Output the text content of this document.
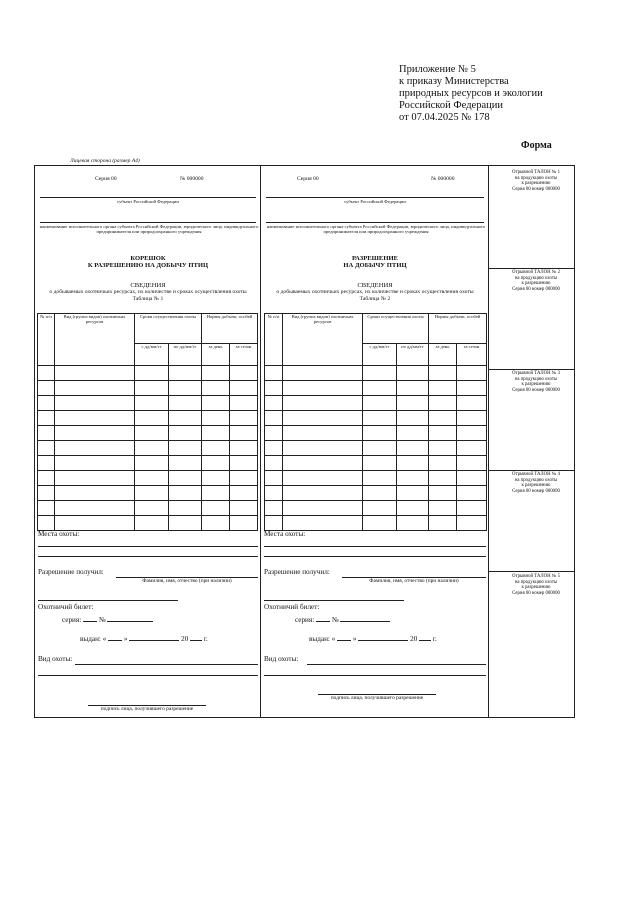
Приложение № 5
к приказу Министерства
природных ресурсов и экологии
Российской Федерации
от 07.04.2025 № 178
Форма
Лицевая сторона (размер А4)
Серия 00	№ 000000
субъект Российской Федерации
наименование исполнительного органа субъекта Российской Федерации, юридического лица, индивидуального предпринимателя или природоохранного учреждения
КОРЕШОК
К РАЗРЕШЕНИЮ НА ДОБЫЧУ ПТИЦ
СВЕДЕНИЯ
о добываемых охотничьих ресурсах, их количестве и сроках осуществления охоты
Таблица № 1
№ п/п	Вид (группа видов) охотничьих ресурсов	Сроки осуществления охоты		Нормы добычи, особей	
		с дд/мм/гг	по дд/мм/гг	за день	за сезон

Места охоты:
Разрешение получил:
Фамилия, имя, отчество (при наличии)
Охотничий билет:
серия: №
выдан: « »	20 г.
Вид охоты:
подпись лица, получившего разрешение
Серия 00	№ 000000
субъект Российской Федерации
наименование исполнительного органа субъекта Российской Федерации, юридического лица, индивидуального предпринимателя или природоохранного учреждения
РАЗРЕШЕНИЕ
НА ДОБЫЧУ ПТИЦ
СВЕДЕНИЯ
о добываемых охотничьих ресурсах, их количестве и сроках осуществления охоты
Таблица № 2
№ п/п	Вид (группа видов) охотничьих ресурсов	Сроки осуществления охоты		Нормы добычи, особей	
		с дд/мм/гг	по дд/мм/гг	за день	за сезон

Места охоты:
Разрешение получил:
Фамилия, имя, отчество (при наличии)
Охотничий билет:
серия: №
выдан: « »	20 г.
Вид охоты:
подпись лица, получившего разрешение
Отрывной ТАЛОН № 1
на продукцию охоты
к разрешению
Серия 00 номер 000000
Отрывной ТАЛОН № 2
на продукцию охоты
к разрешению
Серия 00 номер 000000
Отрывной ТАЛОН № 3
на продукцию охоты
к разрешению
Серия 00 номер 000000
Отрывной ТАЛОН № 4
на продукцию охоты
к разрешению
Серия 00 номер 000000
Отрывной ТАЛОН № 5
на продукцию охоты
к разрешению
Серия 00 номер 000000
